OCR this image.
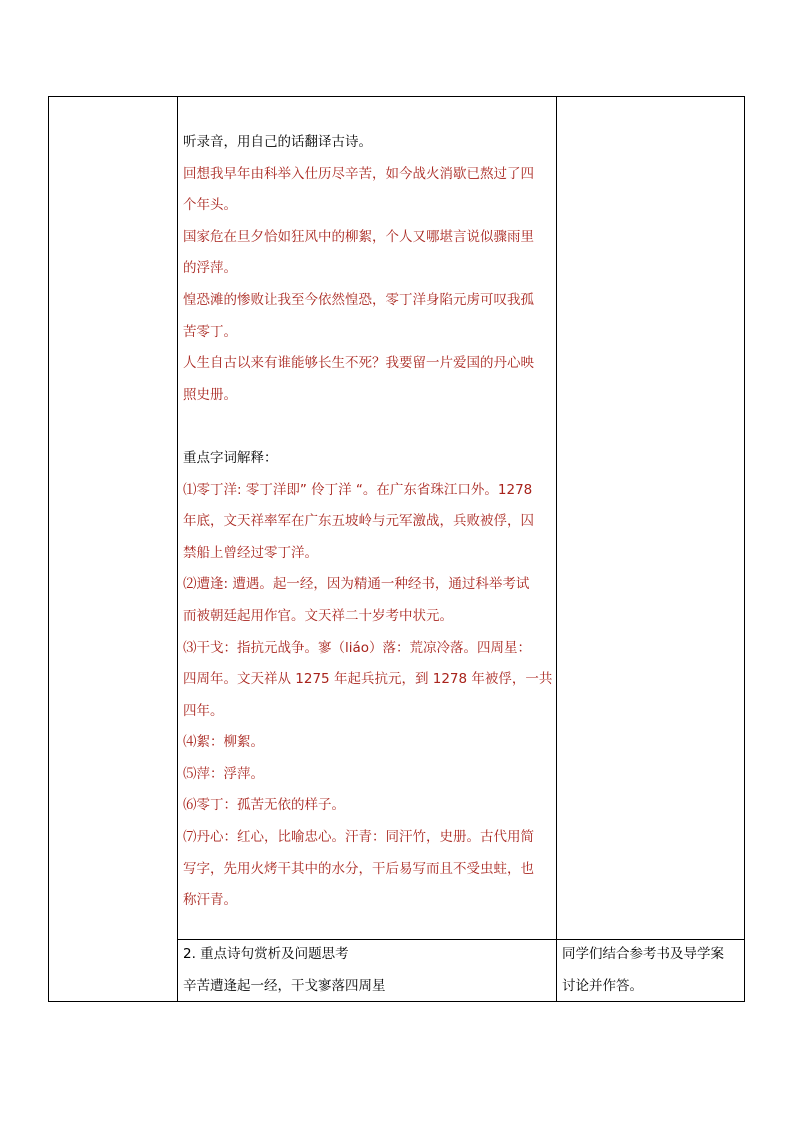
听录音，用自己的话翻译古诗。

回想我早年由科举入仕历尽辛苦，如今战火消歇已熬过了四

个年头。

国家危在旦夕恰如狂风中的柳絮，个人又哪堪言说似骤雨里

的浮萍。

惶恐滩的惨败让我至今依然惶恐，零丁洋身陷元虏可叹我孤

苦零丁。

人生自古以来有谁能够长生不死？我要留一片爱国的丹心映

照史册。

重点字词解释：

⑴零丁洋: 零丁洋即” 伶丁洋 “。在广东省珠江口外。1278

年底，文天祥率军在广东五坡岭与元军激战，兵败被俘，囚

禁船上曾经过零丁洋。

⑵遭逢: 遭遇。起一经，因为精通一种经书，通过科举考试

而被朝廷起用作官。文天祥二十岁考中状元。

⑶干戈：指抗元战争。寥（liáo）落：荒凉冷落。四周星：

四周年。文天祥从 1275 年起兵抗元，到 1278 年被俘，一共

四年。

⑷絮：柳絮。

⑸萍：浮萍。

⑹零丁：孤苦无依的样子。

⑺丹心：红心，比喻忠心。汗青：同汗竹，史册。古代用简

写字，先用火烤干其中的水分，干后易写而且不受虫蛀，也

称汗青。

2. 重点诗句赏析及问题思考

辛苦遭逢起一经，干戈寥落四周星

同学们结合参考书及导学案

讨论并作答。
